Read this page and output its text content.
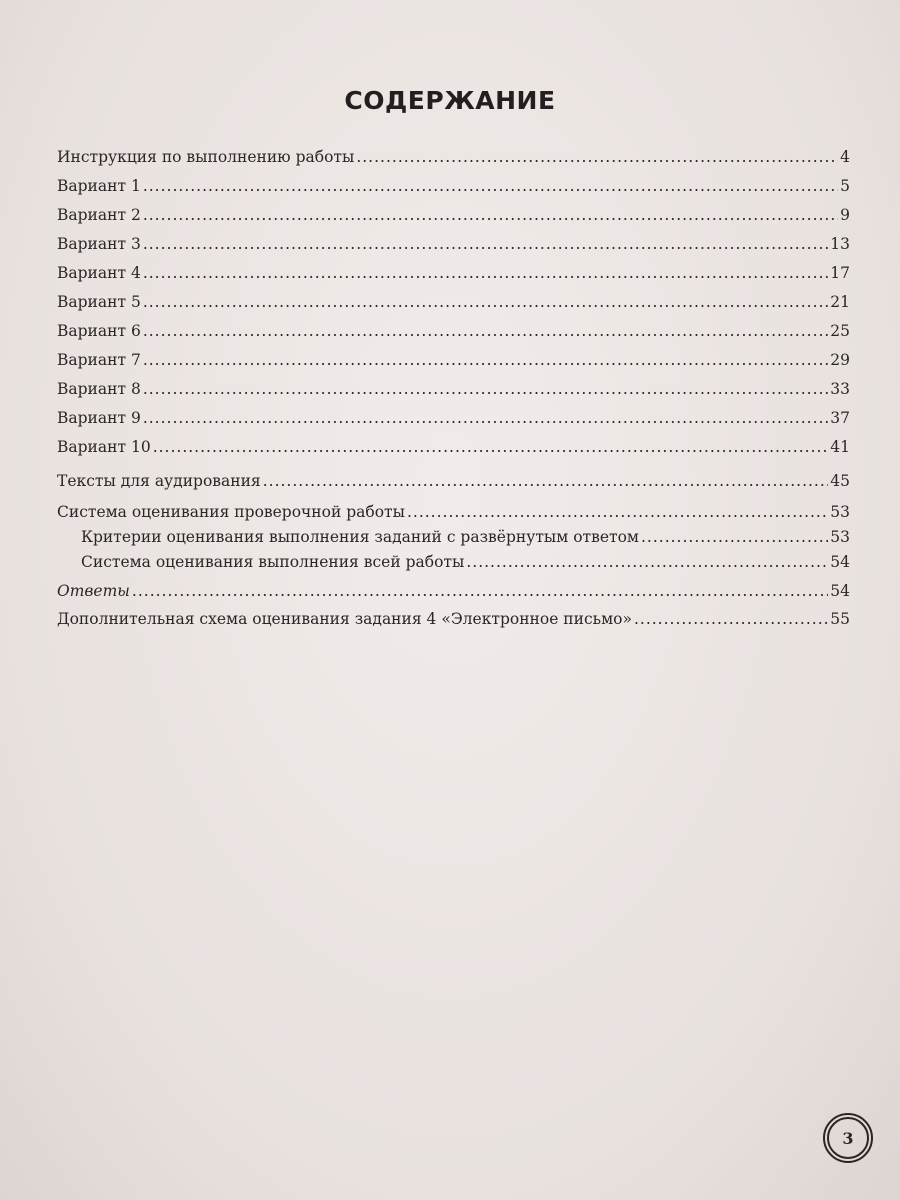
СОДЕРЖАНИЕ
Инструкция по выполнению работы .....	4
Вариант 1 .....	5
Вариант 2 .....	9
Вариант 3 .....	13
Вариант 4 .....	17
Вариант 5 .....	21
Вариант 6 .....	25
Вариант 7 .....	29
Вариант 8 .....	33
Вариант 9 .....	37
Вариант 10 .....	41
Тексты для аудирования .....	45
Система оценивания проверочной работы .....	53
Критерии оценивания выполнения заданий с развёрнутым ответом .....	53
Система оценивания выполнения всей работы .....	54
Ответы .....	54
Дополнительная схема оценивания задания 4 «Электронное письмо» .....	55
3
